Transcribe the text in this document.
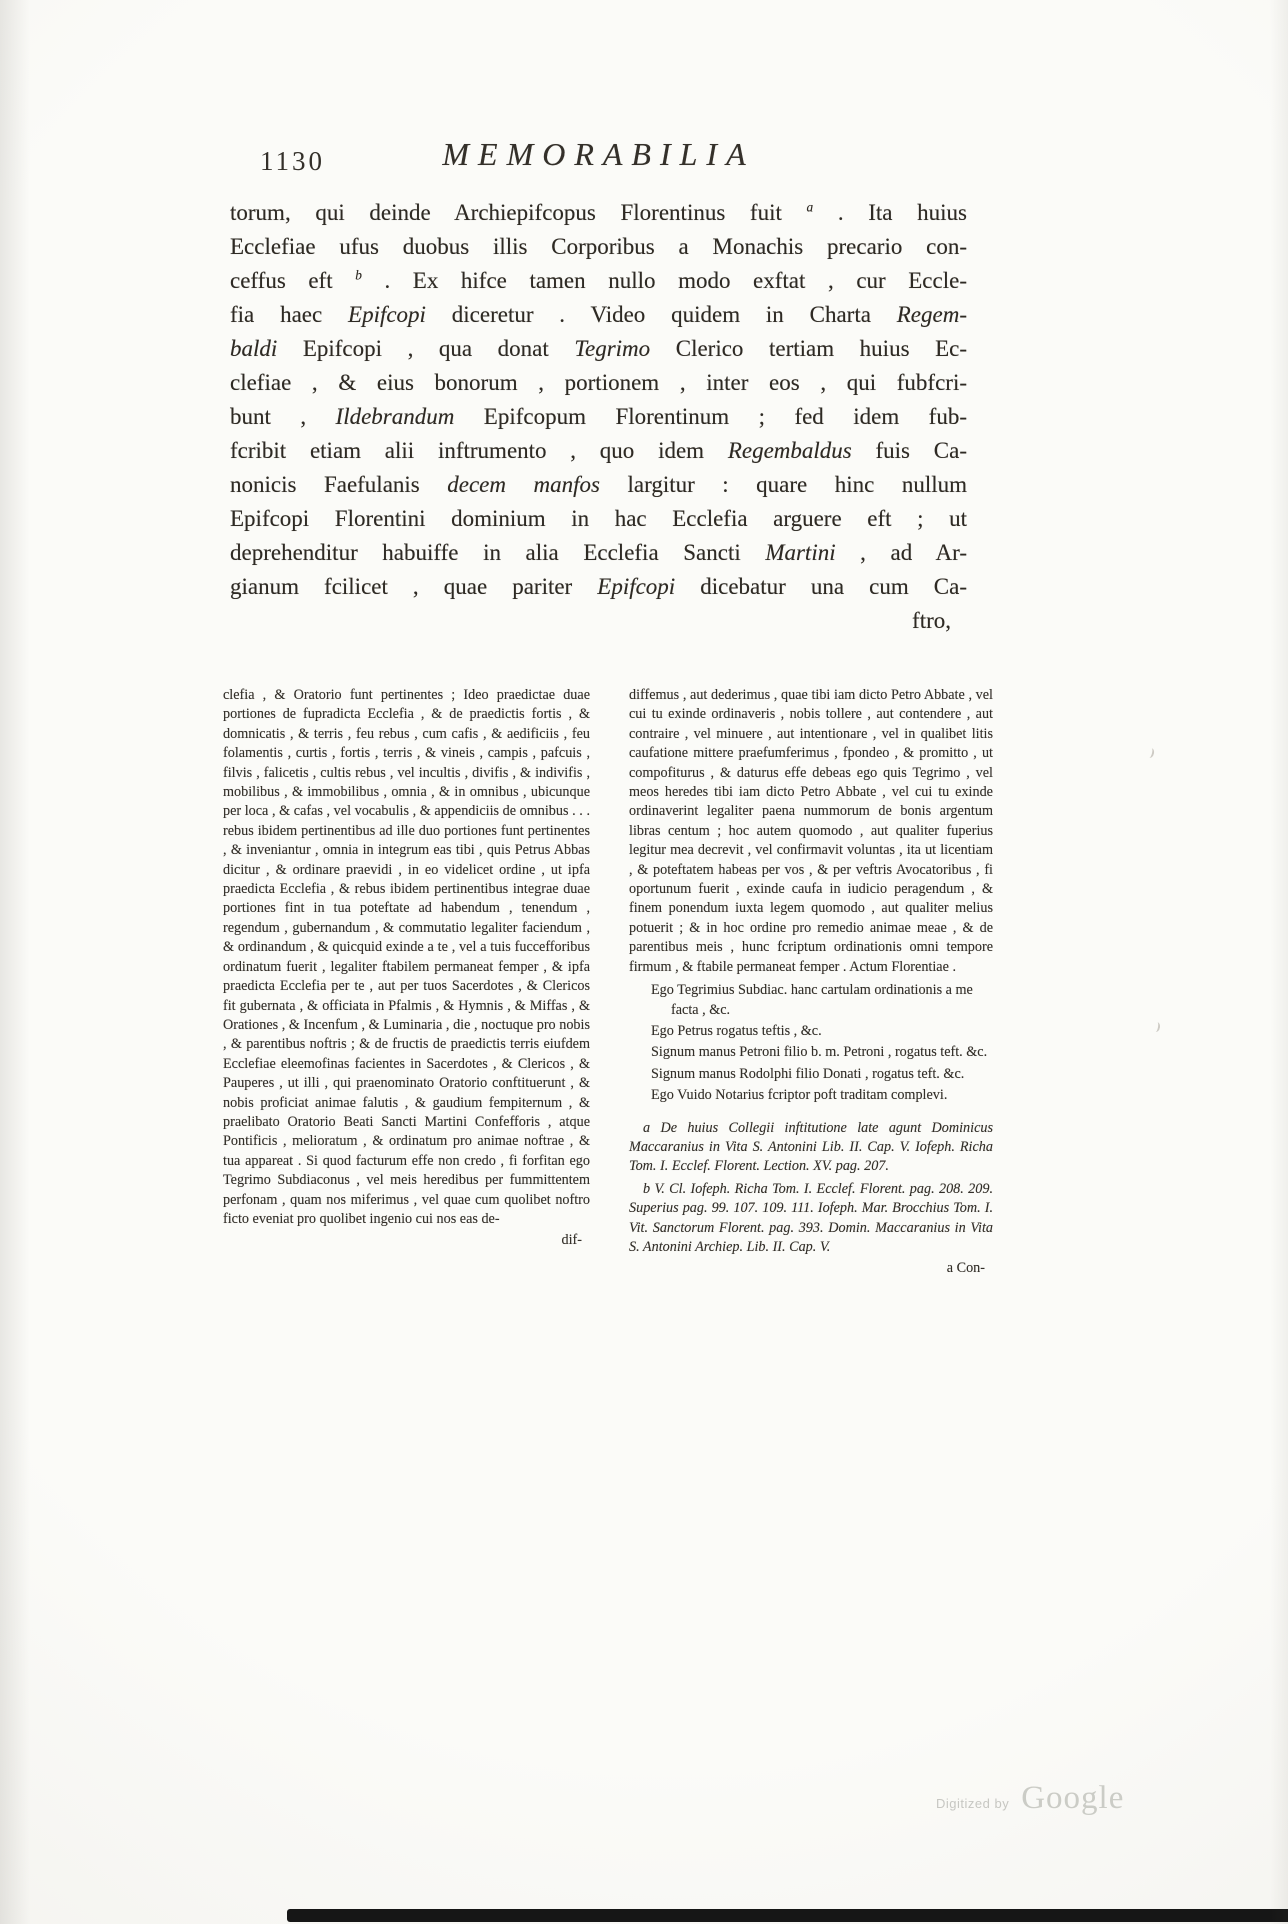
1130	MEMORABILIA
torum, qui deinde Archiepifcopus Florentinus fuit $^a$ . Ita huius
Ecclefiae ufus duobus illis Corporibus a Monachis precario con-
ceffus eft $^b$ . Ex hifce tamen nullo modo exftat , cur Eccle-
fia haec Epifcopi diceretur . Video quidem in Charta Regem-
baldi Epifcopi , qua donat Tegrimo Clerico tertiam huius Ec-
clefiae , & eius bonorum , portionem , inter eos , qui fubfcri-
bunt , Ildebrandum Epifcopum Florentinum ; fed idem fub-
fcribit etiam alii inftrumento , quo idem Regembaldus fuis Ca-
nonicis Faefulanis decem manfos largitur : quare hinc nullum
Epifcopi Florentini dominium in hac Ecclefia arguere eft ; ut
deprehenditur habuiffe in alia Ecclefia Sancti Martini , ad Ar-
gianum fcilicet , quae pariter Epifcopi dicebatur una cum Ca-
ftro,
clefia , & Oratorio funt pertinentes ; Ideo praedictae duae portiones de fupradicta Ecclefia , & de praedictis fortis , & domnicatis , & terris , feu rebus , cum cafis , & aedificiis , feu folamentis , curtis , fortis , terris , & vineis , campis , pafcuis , filvis , falicetis , cultis rebus , vel incultis , divifis , & indivifis , mobilibus , & immobilibus , omnia , & in omnibus , ubicunque per loca , & cafas , vel vocabulis , & appendiciis de omnibus . . . rebus ibidem pertinentibus ad ille duo portiones funt pertinentes , & inveniantur , omnia in integrum eas tibi , quis Petrus Abbas dicitur , & ordinare praevidi , in eo videlicet ordine , ut ipfa praedicta Ecclefia , & rebus ibidem pertinentibus integrae duae portiones fint in tua poteftate ad habendum , tenendum , regendum , gubernandum , & commutatio legaliter faciendum , & ordinandum , & quicquid exinde a te , vel a tuis fuccefforibus ordinatum fuerit , legaliter ftabilem permaneat femper , & ipfa praedicta Ecclefia per te , aut per tuos Sacerdotes , & Clericos fit gubernata , & officiata in Pfalmis , & Hymnis , & Miffas , & Orationes , & Incenfum , & Luminaria , die , noctuque pro nobis , & parentibus noftris ; & de fructis de praedictis terris eiufdem Ecclefiae eleemofinas facientes in Sacerdotes , & Clericos , & Pauperes , ut illi , qui praenominato Oratorio conftituerunt , & nobis proficiat animae falutis , & gaudium fempiternum , & praelibato Oratorio Beati Sancti Martini Confefforis , atque Pontificis , melioratum , & ordinatum pro animae noftrae , & tua appareat . Si quod facturum effe non credo , fi forfitan ego Tegrimo Subdiaconus , vel meis heredibus per fummittentem perfonam , quam nos miferimus , vel quae cum quolibet noftro ficto eveniat pro quolibet ingenio cui nos eas de-
dif-
diffemus , aut dederimus , quae tibi iam dicto Petro Abbate , vel cui tu exinde ordinaveris , nobis tollere , aut contendere , aut contraire , vel minuere , aut intentionare , vel in qualibet litis caufatione mittere praefumferimus , fpondeo , & promitto , ut compofiturus , & daturus effe debeas ego quis Tegrimo , vel meos heredes tibi iam dicto Petro Abbate , vel cui tu exinde ordinaverint legaliter paena nummorum de bonis argentum libras centum ; hoc autem quomodo , aut qualiter fuperius legitur mea decrevit , vel confirmavit voluntas , ita ut licentiam , & poteftatem habeas per vos , & per veftris Avocatoribus , fi oportunum fuerit , exinde caufa in iudicio peragendum , & finem ponendum iuxta legem quomodo , aut qualiter melius potuerit ; & in hoc ordine pro remedio animae meae , & de parentibus meis , hunc fcriptum ordinationis omni tempore firmum , & ftabile permaneat femper . Actum Florentiae .
Ego Tegrimius Subdiac. hanc cartulam ordinationis a me facta , &c.
Ego Petrus rogatus teftis , &c.
Signum manus Petroni filio b. m. Petroni , rogatus teft. &c.
Signum manus Rodolphi filio Donati , rogatus teft. &c.
Ego Vuido Notarius fcriptor poft traditam complevi.
a De huius Collegii inftitutione late agunt Dominicus Maccaranius in Vita S. Antonini Lib. II. Cap. V. Iofeph. Richa Tom. I. Ecclef. Florent. Lection. XV. pag. 207.
b V. Cl. Iofeph. Richa Tom. I. Ecclef. Florent. pag. 208. 209. Superius pag. 99. 107. 109. 111. Iofeph. Mar. Brocchius Tom. I. Vit. Sanctorum Florent. pag. 393. Domin. Maccaranius in Vita S. Antonini Archiep. Lib. II. Cap. V.
a Con-
Digitized by Google
